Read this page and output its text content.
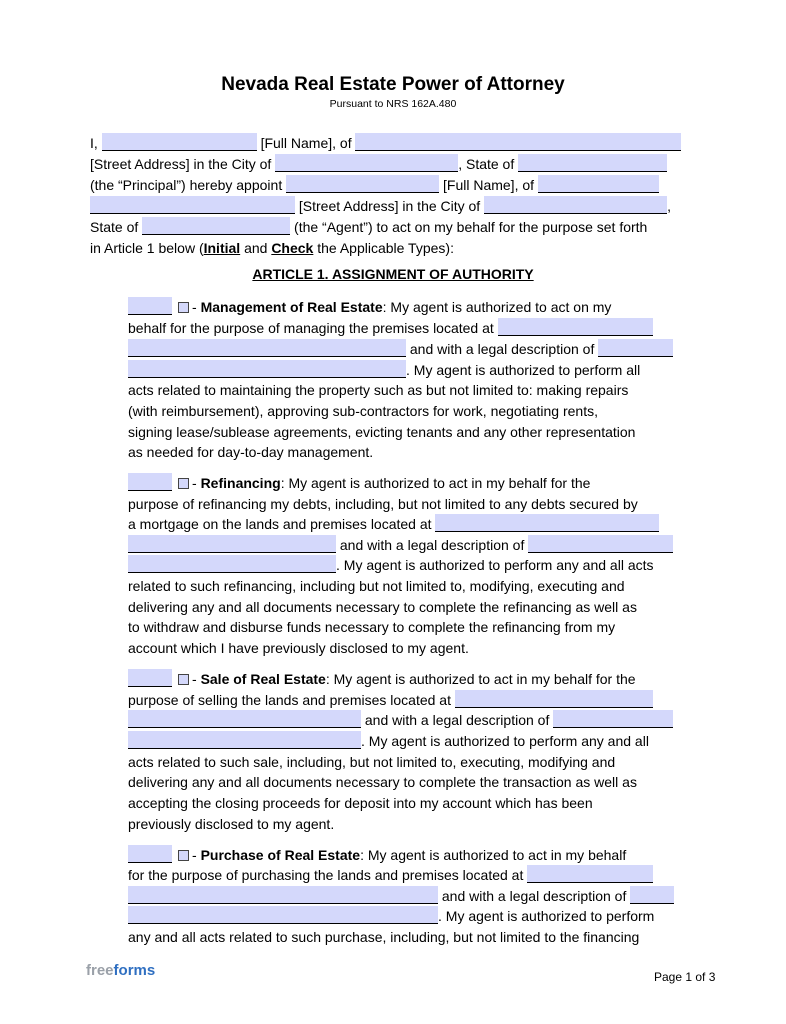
Nevada Real Estate Power of Attorney
Pursuant to NRS 162A.480
I,	[Full Name], of
[Street Address] in the City of	, State of
(the “Principal”) hereby appoint	[Full Name], of
[Street Address] in the City of	,
State of	(the “Agent”) to act on my behalf for the purpose set forth
in Article 1 below (Initial and Check the Applicable Types):
ARTICLE 1. ASSIGNMENT OF AUTHORITY
- Management of Real Estate: My agent is authorized to act on my
behalf for the purpose of managing the premises located at
and with a legal description of
. My agent is authorized to perform all
acts related to maintaining the property such as but not limited to: making repairs
(with reimbursement), approving sub-contractors for work, negotiating rents,
signing lease/sublease agreements, evicting tenants and any other representation
as needed for day-to-day management.
- Refinancing: My agent is authorized to act in my behalf for the
purpose of refinancing my debts, including, but not limited to any debts secured by
a mortgage on the lands and premises located at
and with a legal description of
. My agent is authorized to perform any and all acts
related to such refinancing, including but not limited to, modifying, executing and
delivering any and all documents necessary to complete the refinancing as well as
to withdraw and disburse funds necessary to complete the refinancing from my
account which I have previously disclosed to my agent.
- Sale of Real Estate: My agent is authorized to act in my behalf for the
purpose of selling the lands and premises located at
and with a legal description of
. My agent is authorized to perform any and all
acts related to such sale, including, but not limited to, executing, modifying and
delivering any and all documents necessary to complete the transaction as well as
accepting the closing proceeds for deposit into my account which has been
previously disclosed to my agent.
- Purchase of Real Estate: My agent is authorized to act in my behalf
for the purpose of purchasing the lands and premises located at
and with a legal description of
. My agent is authorized to perform
any and all acts related to such purchase, including, but not limited to the financing
freeforms	Page 1 of 3
